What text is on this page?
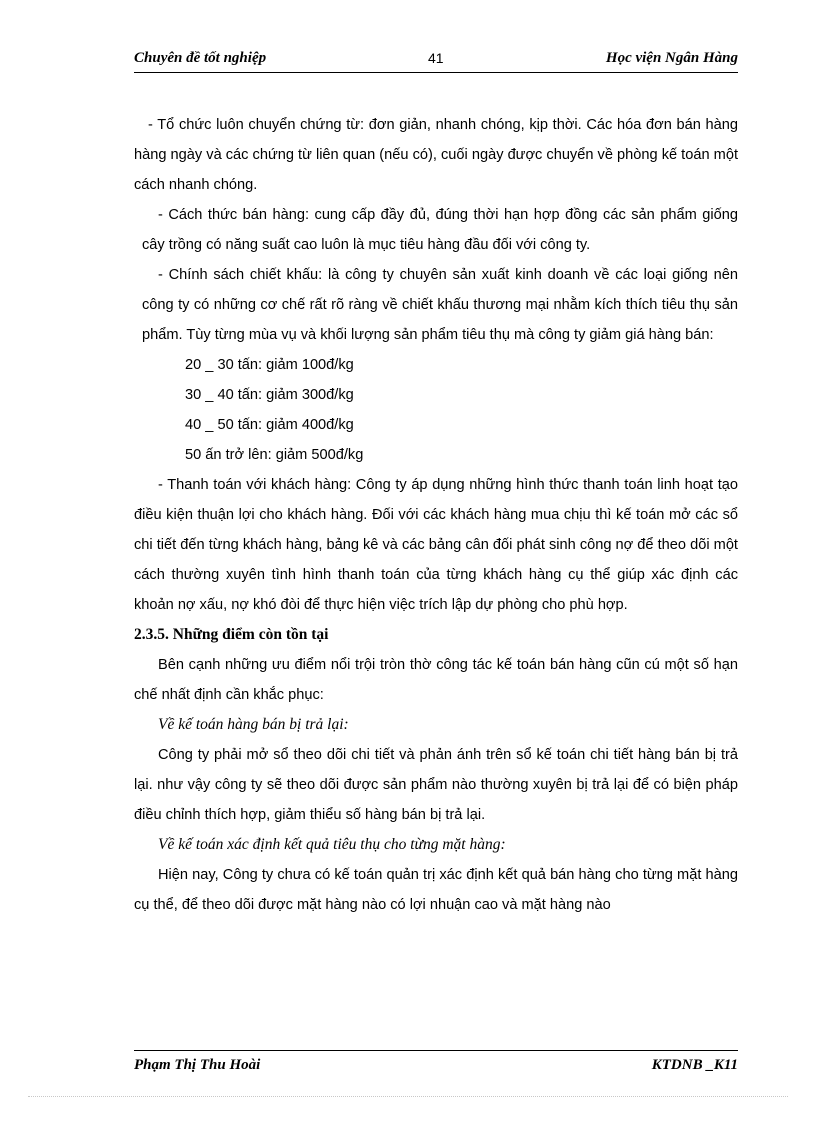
Chuyên đề tốt nghiệp	41	Học viện Ngân Hàng

- Tổ chức luôn chuyển chứng từ: đơn giản, nhanh chóng, kịp thời. Các hóa đơn bán hàng hàng ngày và các chứng từ liên quan (nếu có), cuối ngày được chuyển về phòng kế toán một cách nhanh chóng.

- Cách thức bán hàng: cung cấp đầy đủ, đúng thời hạn hợp đồng các sản phẩm giống cây trồng có năng suất cao luôn là mục tiêu hàng đầu đối với công ty.

- Chính sách chiết khấu: là công ty chuyên sản xuất kinh doanh về các loại giống nên công ty có những cơ chế rất rõ ràng về chiết khấu thương mại nhằm kích thích tiêu thụ sản phẩm. Tùy từng mùa vụ và khối lượng sản phẩm tiêu thụ mà công ty giảm giá hàng bán:

20 _ 30 tấn: giảm 100đ/kg

30 _ 40 tấn: giảm 300đ/kg

40 _ 50 tấn: giảm 400đ/kg

50 ấn trở lên: giảm 500đ/kg

- Thanh toán với khách hàng: Công ty áp dụng những hình thức thanh toán linh hoạt tạo điều kiện thuận lợi cho khách hàng. Đối với các khách hàng mua chịu thì kế toán mở các sổ chi tiết đến từng khách hàng, bảng kê và các bảng cân đối phát sinh công nợ để theo dõi một cách thường xuyên tình hình thanh toán của từng khách hàng cụ thể giúp xác định các khoản nợ xấu, nợ khó đòi để thực hiện việc trích lập dự phòng cho phù hợp.

2.3.5. Những điểm còn tồn tại

Bên cạnh những ưu điểm nổi trội tròn thờ công tác kế toán bán hàng cũn cú một số hạn chế nhất định cần khắc phục:

Về kế toán hàng bán bị trả lại:

Công ty phải mở sổ theo dõi chi tiết và phản ánh trên sổ kế toán chi tiết hàng bán bị trả lại. như vậy công ty sẽ theo dõi được sản phẩm nào thường xuyên bị trả lại để có biện pháp điều chỉnh thích hợp, giảm thiểu số hàng bán bị trả lại.

Về kế toán xác định kết quả tiêu thụ cho từng mặt hàng:

Hiện nay, Công ty chưa có kế toán quản trị xác định kết quả bán hàng cho từng mặt hàng cụ thể, để theo dõi được mặt hàng nào có lợi nhuận cao và mặt hàng nào

Phạm Thị Thu Hoài	KTDNB _K11
